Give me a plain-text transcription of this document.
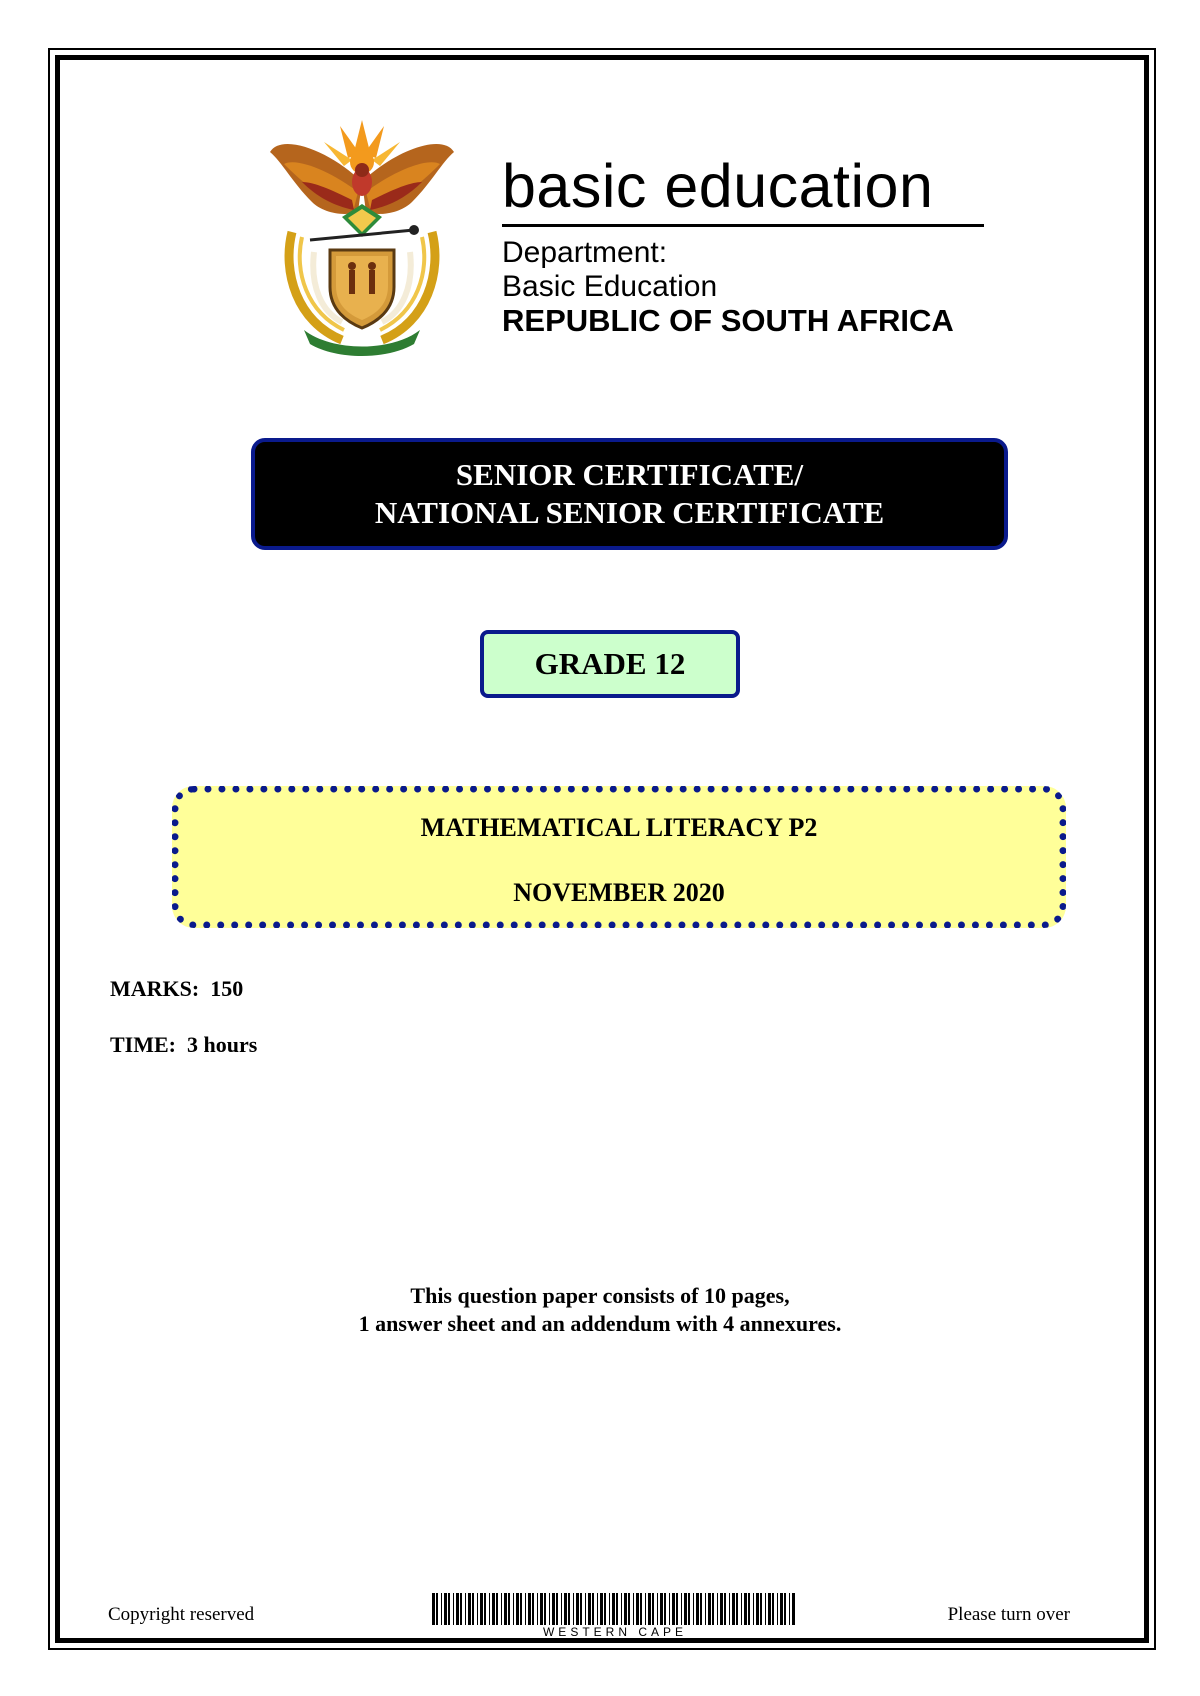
basic education
Department:
Basic Education
REPUBLIC OF SOUTH AFRICA
SENIOR CERTIFICATE/
NATIONAL SENIOR CERTIFICATE
GRADE 12
MATHEMATICAL LITERACY P2
NOVEMBER 2020
MARKS: 150
TIME: 3 hours
This question paper consists of 10 pages,
1 answer sheet and an addendum with 4 annexures.
Copyright reserved
WESTERN CAPE
Please turn over
